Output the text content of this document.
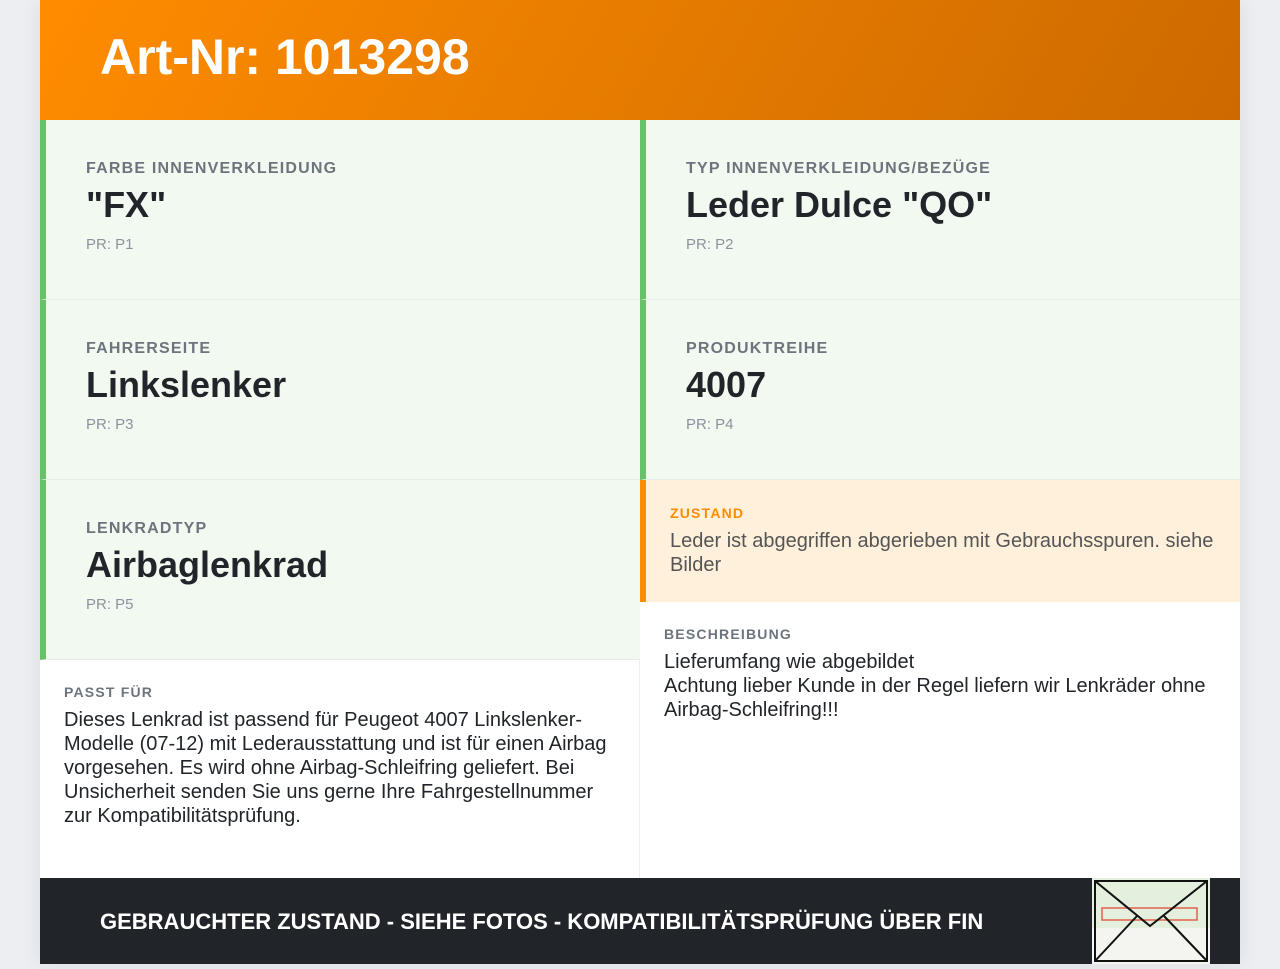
Art-Nr: 1013298
FARBE INNENVERKLEIDUNG
"FX"
PR: P1
TYP INNENVERKLEIDUNG/BEZÜGE
Leder Dulce "QO"
PR: P2
FAHRERSEITE
Linkslenker
PR: P3
PRODUKTREIHE
4007
PR: P4
LENKRADTYP
Airbaglenkrad
PR: P5
ZUSTAND
Leder ist abgegriffen abgerieben mit Gebrauchsspuren. siehe Bilder
PASST FÜR
Dieses Lenkrad ist passend für Peugeot 4007 Linkslenker-Modelle (07-12) mit Lederausstattung und ist für einen Airbag vorgesehen. Es wird ohne Airbag-Schleifring geliefert. Bei Unsicherheit senden Sie uns gerne Ihre Fahrgestellnummer zur Kompatibilitätsprüfung.
BESCHREIBUNG
Lieferumfang wie abgebildet
Achtung lieber Kunde in der Regel liefern wir Lenkräder ohne Airbag-Schleifring!!!
GEBRAUCHTER ZUSTAND - SIEHE FOTOS - KOMPATIBILITÄTSPRÜFUNG ÜBER FIN
